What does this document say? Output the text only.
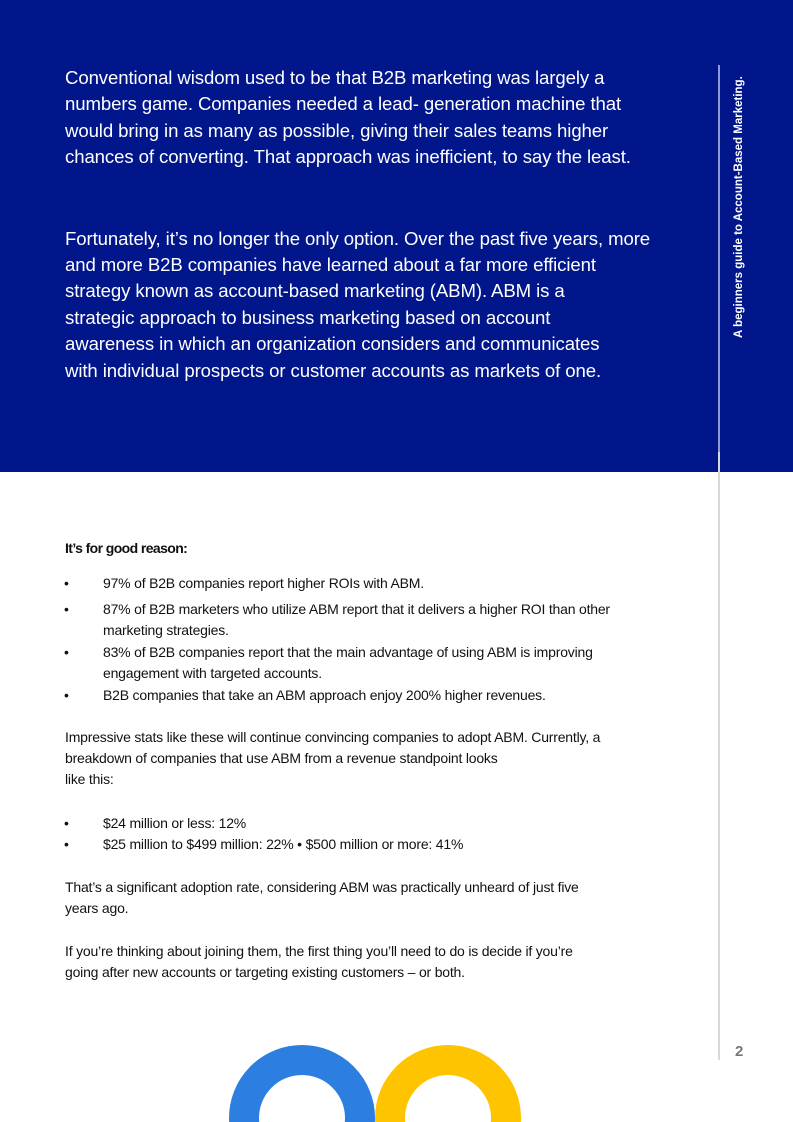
A beginners guide to Account-Based Marketing.
2
Conventional wisdom used to be that B2B marketing was largely a
numbers game. Companies needed a lead- generation machine that
would bring in as many as possible, giving their sales teams higher
chances of converting. That approach was inefficient, to say the least.
Fortunately, it’s no longer the only option. Over the past five years, more
and more B2B companies have learned about a far more efficient
strategy known as account-based marketing (ABM). ABM is a
strategic approach to business marketing based on account
awareness in which an organization considers and communicates
with individual prospects or customer accounts as markets of one.
It’s for good reason:
• 97% of B2B companies report higher ROIs with ABM.
• 87% of B2B marketers who utilize ABM report that it delivers a higher ROI than other
marketing strategies.
• 83% of B2B companies report that the main advantage of using ABM is improving
engagement with targeted accounts.
• B2B companies that take an ABM approach enjoy 200% higher revenues.
Impressive stats like these will continue convincing companies to adopt ABM. Currently, a
breakdown of companies that use ABM from a revenue standpoint looks
like this:
• $24 million or less: 12%
• $25 million to $499 million: 22% • $500 million or more: 41%
That’s a significant adoption rate, considering ABM was practically unheard of just five
years ago.
If you’re thinking about joining them, the first thing you’ll need to do is decide if you’re
going after new accounts or targeting existing customers – or both.
